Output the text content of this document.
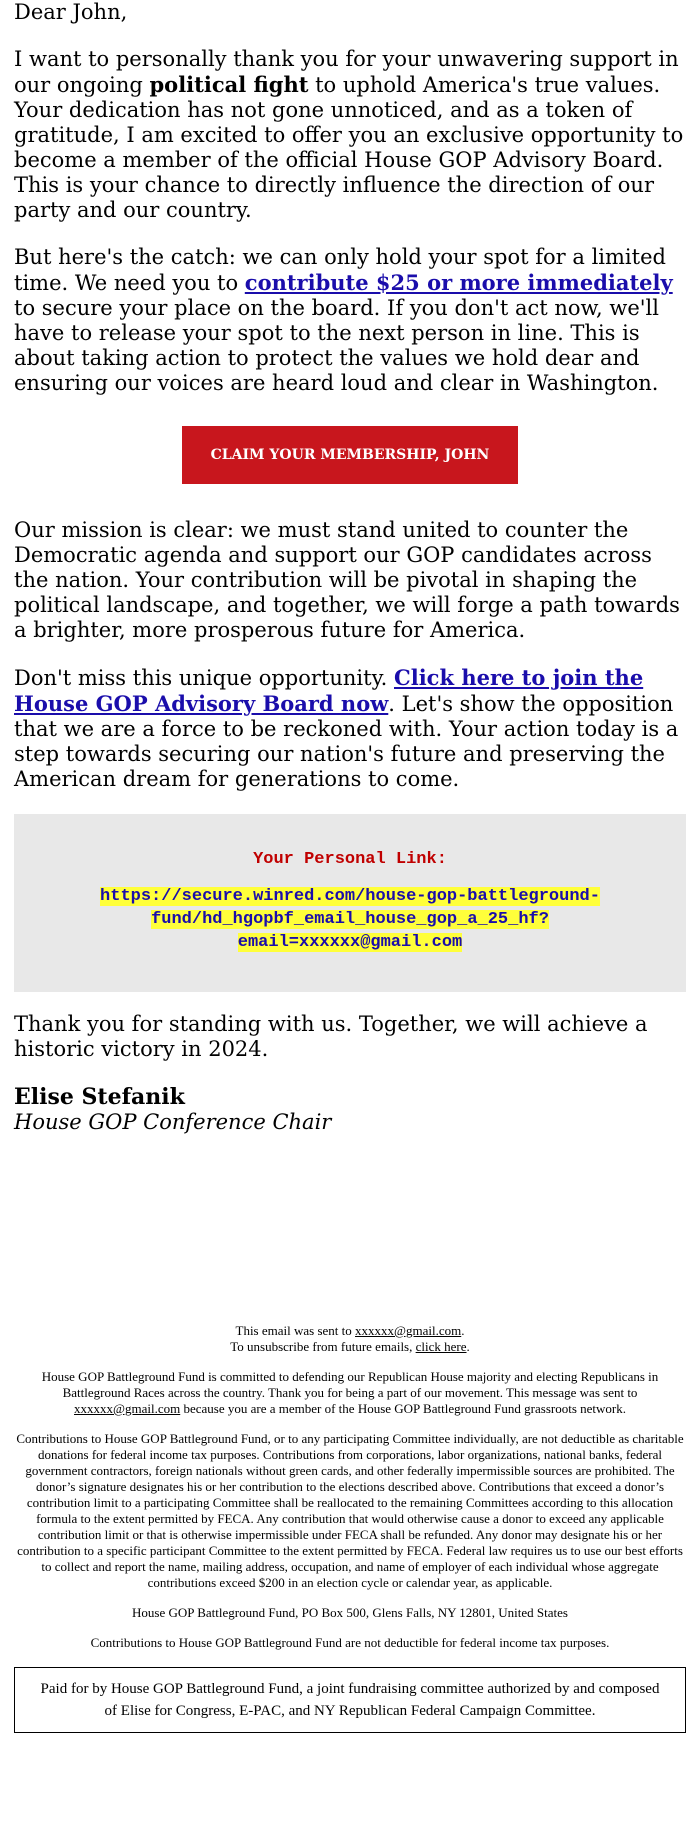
Dear John,

I want to personally thank you for your unwavering support in our ongoing political fight to uphold America's true values. Your dedication has not gone unnoticed, and as a token of gratitude, I am excited to offer you an exclusive opportunity to become a member of the official House GOP Advisory Board. This is your chance to directly influence the direction of our party and our country.

But here's the catch: we can only hold your spot for a limited time. We need you to contribute $25 or more immediately to secure your place on the board. If you don't act now, we'll have to release your spot to the next person in line. This is about taking action to protect the values we hold dear and ensuring our voices are heard loud and clear in Washington.

CLAIM YOUR MEMBERSHIP, JOHN

Our mission is clear: we must stand united to counter the Democratic agenda and support our GOP candidates across the nation. Your contribution will be pivotal in shaping the political landscape, and together, we will forge a path towards a brighter, more prosperous future for America.

Don't miss this unique opportunity. Click here to join the House GOP Advisory Board now. Let's show the opposition that we are a force to be reckoned with. Your action today is a step towards securing our nation's future and preserving the American dream for generations to come.

Your Personal Link:
https://secure.winred.com/house-gop-battleground-fund/hd_hgopbf_email_house_gop_a_25_hf?email=xxxxxx@gmail.com

Thank you for standing with us. Together, we will achieve a historic victory in 2024.

Elise Stefanik
House GOP Conference Chair

This email was sent to xxxxxx@gmail.com.
To unsubscribe from future emails, click here.

House GOP Battleground Fund is committed to defending our Republican House majority and electing Republicans in Battleground Races across the country. Thank you for being a part of our movement. This message was sent to xxxxxx@gmail.com because you are a member of the House GOP Battleground Fund grassroots network.

Contributions to House GOP Battleground Fund, or to any participating Committee individually, are not deductible as charitable donations for federal income tax purposes. Contributions from corporations, labor organizations, national banks, federal government contractors, foreign nationals without green cards, and other federally impermissible sources are prohibited. The donor’s signature designates his or her contribution to the elections described above. Contributions that exceed a donor’s contribution limit to a participating Committee shall be reallocated to the remaining Committees according to this allocation formula to the extent permitted by FECA. Any contribution that would otherwise cause a donor to exceed any applicable contribution limit or that is otherwise impermissible under FECA shall be refunded. Any donor may designate his or her contribution to a specific participant Committee to the extent permitted by FECA. Federal law requires us to use our best efforts to collect and report the name, mailing address, occupation, and name of employer of each individual whose aggregate contributions exceed $200 in an election cycle or calendar year, as applicable.

House GOP Battleground Fund, PO Box 500, Glens Falls, NY 12801, United States

Contributions to House GOP Battleground Fund are not deductible for federal income tax purposes.

Paid for by House GOP Battleground Fund, a joint fundraising committee authorized by and composed of Elise for Congress, E-PAC, and NY Republican Federal Campaign Committee.
